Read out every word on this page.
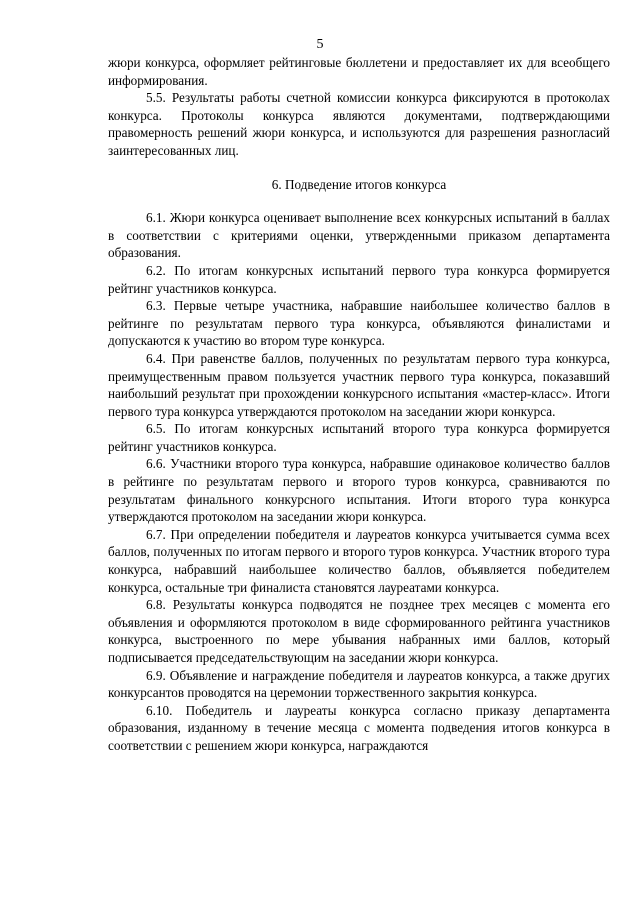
5

жюри конкурса, оформляет рейтинговые бюллетени и предоставляет их для всеобщего информирования.

5.5. Результаты работы счетной комиссии конкурса фиксируются в протоколах конкурса. Протоколы конкурса являются документами, подтверждающими правомерность решений жюри конкурса, и используются для разрешения разногласий заинтересованных лиц.

6. Подведение итогов конкурса

6.1. Жюри конкурса оценивает выполнение всех конкурсных испытаний в баллах в соответствии с критериями оценки, утвержденными приказом департамента образования.

6.2. По итогам конкурсных испытаний первого тура конкурса формируется рейтинг участников конкурса.

6.3. Первые четыре участника, набравшие наибольшее количество баллов в рейтинге по результатам первого тура конкурса, объявляются финалистами и допускаются к участию во втором туре конкурса.

6.4. При равенстве баллов, полученных по результатам первого тура конкурса, преимущественным правом пользуется участник первого тура конкурса, показавший наибольший результат при прохождении конкурсного испытания «мастер-класс». Итоги первого тура конкурса утверждаются протоколом на заседании жюри конкурса.

6.5. По итогам конкурсных испытаний второго тура конкурса формируется рейтинг участников конкурса.

6.6. Участники второго тура конкурса, набравшие одинаковое количество баллов в рейтинге по результатам первого и второго туров конкурса, сравниваются по результатам финального конкурсного испытания. Итоги второго тура конкурса утверждаются протоколом на заседании жюри конкурса.

6.7. При определении победителя и лауреатов конкурса учитывается сумма всех баллов, полученных по итогам первого и второго туров конкурса. Участник второго тура конкурса, набравший наибольшее количество баллов, объявляется победителем конкурса, остальные три финалиста становятся лауреатами конкурса.

6.8. Результаты конкурса подводятся не позднее трех месяцев с момента его объявления и оформляются протоколом в виде сформированного рейтинга участников конкурса, выстроенного по мере убывания набранных ими баллов, который подписывается председательствующим на заседании жюри конкурса.

6.9. Объявление и награждение победителя и лауреатов конкурса, а также других конкурсантов проводятся на церемонии торжественного закрытия конкурса.

6.10. Победитель и лауреаты конкурса согласно приказу департамента образования, изданному в течение месяца с момента подведения итогов конкурса в соответствии с решением жюри конкурса, награждаются
